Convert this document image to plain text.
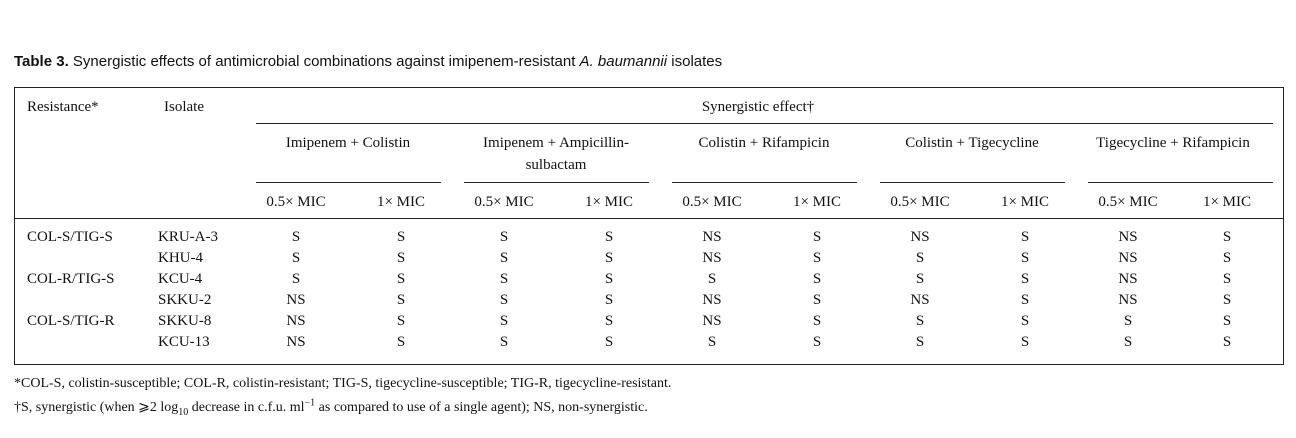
Table 3. Synergistic effects of antimicrobial combinations against imipenem-resistant A. baumannii isolates
Resistance*	Isolate	Synergistic effect†
Imipenem + Colistin	Imipenem + Ampicillin-
sulbactam
Colistin + Rifampicin	Colistin + Tigecycline	Tigecycline + Rifampicin
0.5× MIC	1× MIC	0.5× MIC	1× MIC	0.5× MIC	1× MIC	0.5× MIC	1× MIC	0.5× MIC	1× MIC
COL-S/TIG-S	KRU-A-3	S	S	S	S	NS	S	NS	S	NS	S
KHU-4	S	S	S	S	NS	S	S	S	NS	S
COL-R/TIG-S	KCU-4	S	S	S	S	S	S	S	S	NS	S
SKKU-2	NS	S	S	S	NS	S	NS	S	NS	S
COL-S/TIG-R	SKKU-8	NS	S	S	S	NS	S	S	S	S	S
KCU-13	NS	S	S	S	S	S	S	S	S	S
*COL-S, colistin-susceptible; COL-R, colistin-resistant; TIG-S, tigecycline-susceptible; TIG-R, tigecycline-resistant.
†S, synergistic (when ⩾2 $\log_{10}$ decrease in c.f.u. $ml^{-1}$ as compared to use of a single agent); NS, non-synergistic.
